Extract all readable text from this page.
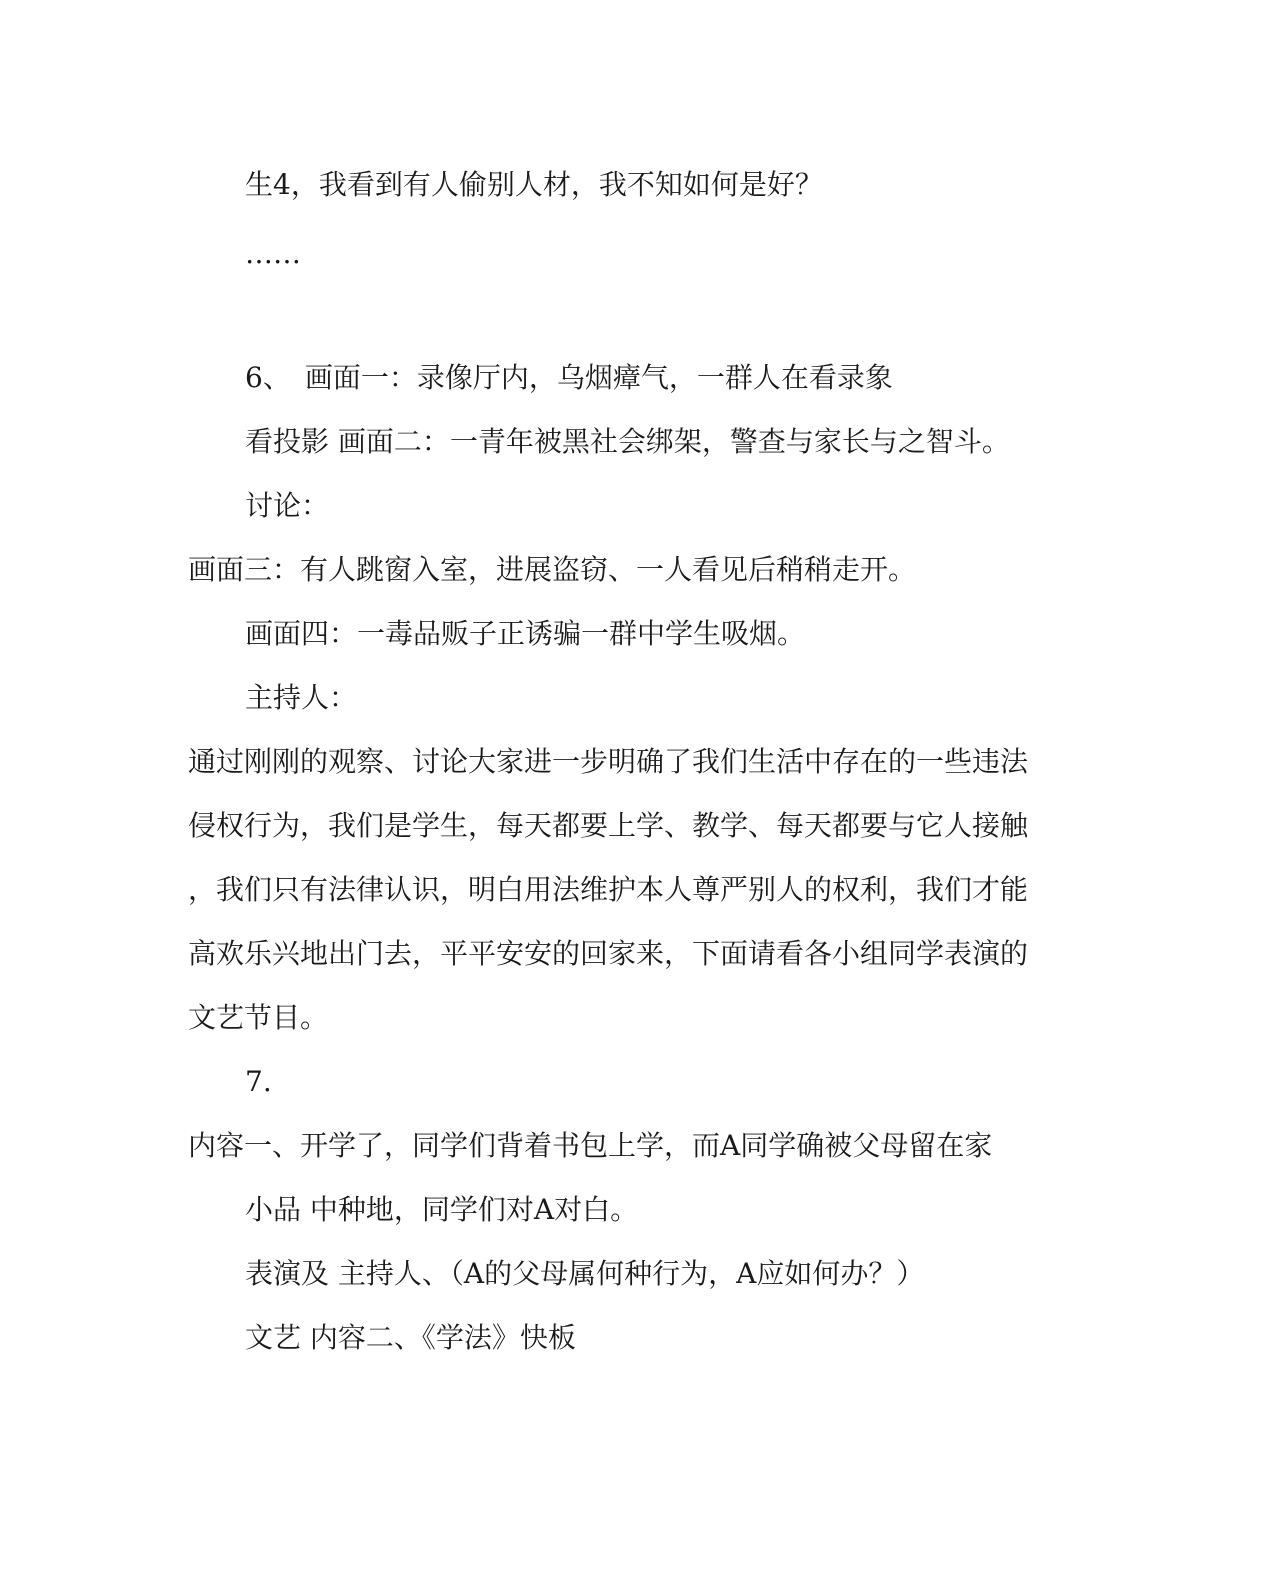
生4，我看到有人偷别人材，我不知如何是好？

……

6、　画面一：录像厅内，乌烟瘴气，一群人在看录象

看投影 画面二：一青年被黑社会绑架，警查与家长与之智斗。

讨论：

画面三：有人跳窗入室，进展盗窃、一人看见后稍稍走开。

画面四：一毒品贩子正诱骗一群中学生吸烟。

主持人：

通过刚刚的观察、讨论大家进一步明确了我们生活中存在的一些违法

侵权行为，我们是学生，每天都要上学、教学、每天都要与它人接触

，我们只有法律认识，明白用法维护本人尊严别人的权利，我们才能

高欢乐兴地出门去，平平安安的回家来，下面请看各小组同学表演的

文艺节目。

7.

内容一、开学了，同学们背着书包上学，而A同学确被父母留在家

小品 中种地，同学们对A对白。

表演及 主持人、（A的父母属何种行为，A应如何办？）

文艺 内容二、《学法》快板
